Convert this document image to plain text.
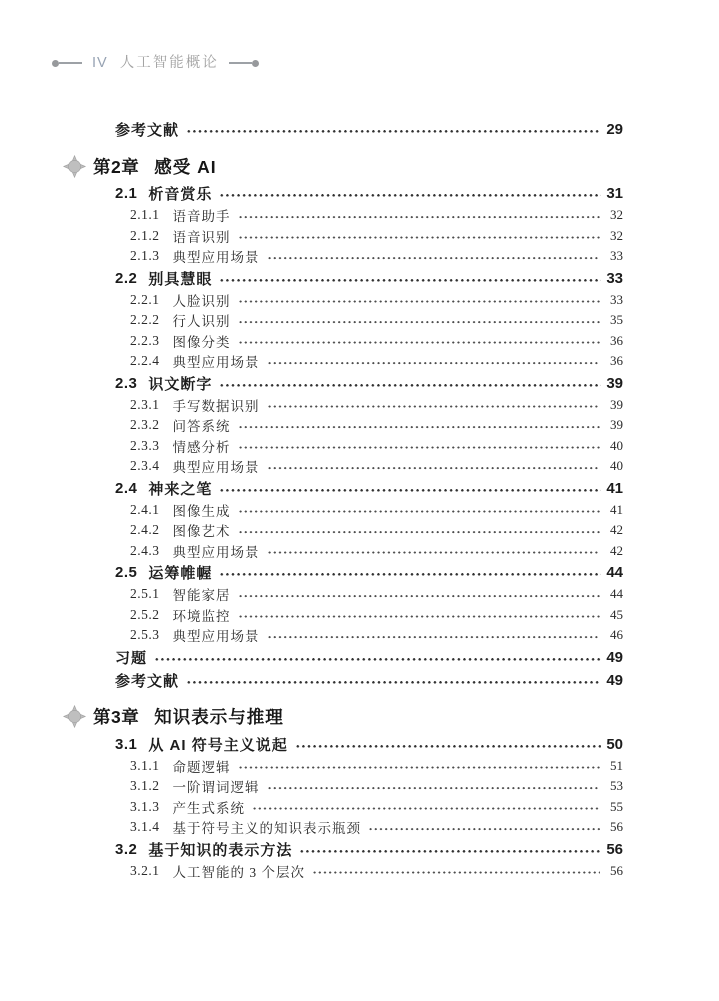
IV 人工智能概论
参考文献	29
第2章 感受 AI
2.1 析音赏乐	31
2.1.1 语音助手	32
2.1.2 语音识别	32
2.1.3 典型应用场景	33
2.2 别具慧眼	33
2.2.1 人脸识别	33
2.2.2 行人识别	35
2.2.3 图像分类	36
2.2.4 典型应用场景	36
2.3 识文断字	39
2.3.1 手写数据识别	39
2.3.2 问答系统	39
2.3.3 情感分析	40
2.3.4 典型应用场景	40
2.4 神来之笔	41
2.4.1 图像生成	41
2.4.2 图像艺术	42
2.4.3 典型应用场景	42
2.5 运筹帷幄	44
2.5.1 智能家居	44
2.5.2 环境监控	45
2.5.3 典型应用场景	46
习题	49
参考文献	49
第3章 知识表示与推理
3.1 从 AI 符号主义说起	50
3.1.1 命题逻辑	51
3.1.2 一阶谓词逻辑	53
3.1.3 产生式系统	55
3.1.4 基于符号主义的知识表示瓶颈	56
3.2 基于知识的表示方法	56
3.2.1 人工智能的 3 个层次	56
